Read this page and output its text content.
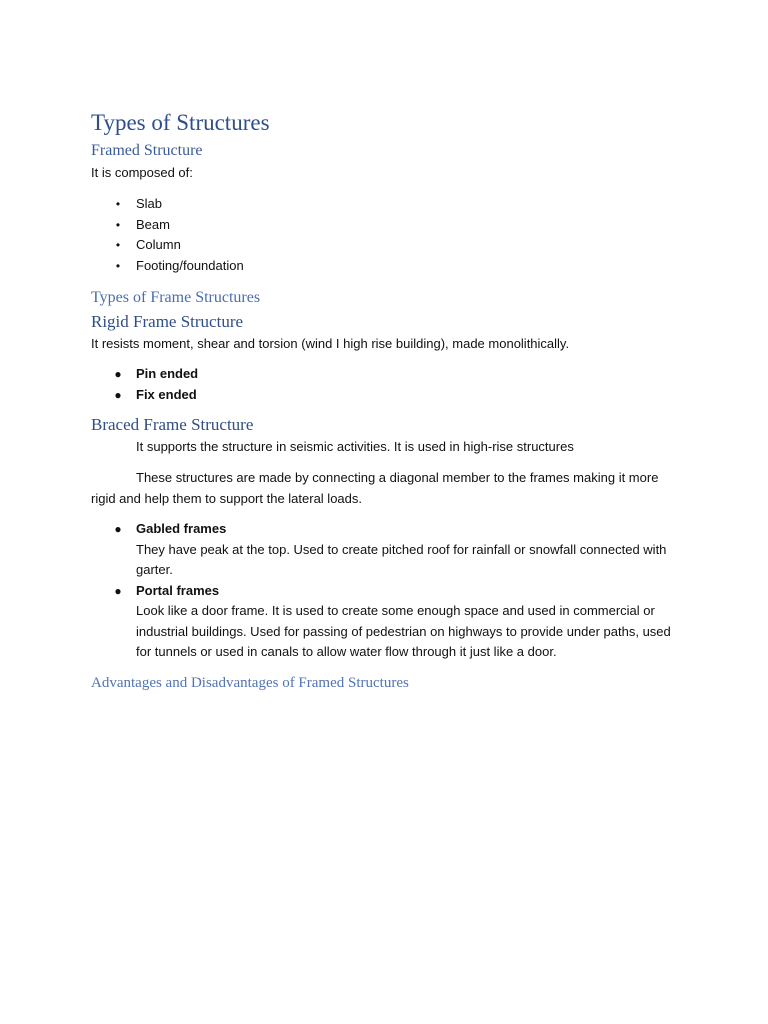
Types of Structures
Framed Structure

It is composed of:

• Slab
• Beam
• Column
• Footing/foundation
Types of Frame Structures
Rigid Frame Structure

It resists moment, shear and torsion (wind I high rise building), made monolithically.

● Pin ended
● Fix ended
Braced Frame Structure

It supports the structure in seismic activities. It is used in high-rise structures

These structures are made by connecting a diagonal member to the frames making it more rigid and help them to support the lateral loads.

● Gabled frames
They have peak at the top. Used to create pitched roof for rainfall or snowfall connected with garter.
● Portal frames
Look like a door frame. It is used to create some enough space and used in commercial or industrial buildings. Used for passing of pedestrian on highways to provide under paths, used for tunnels or used in canals to allow water flow through it just like a door.
Advantages and Disadvantages of Framed Structures
